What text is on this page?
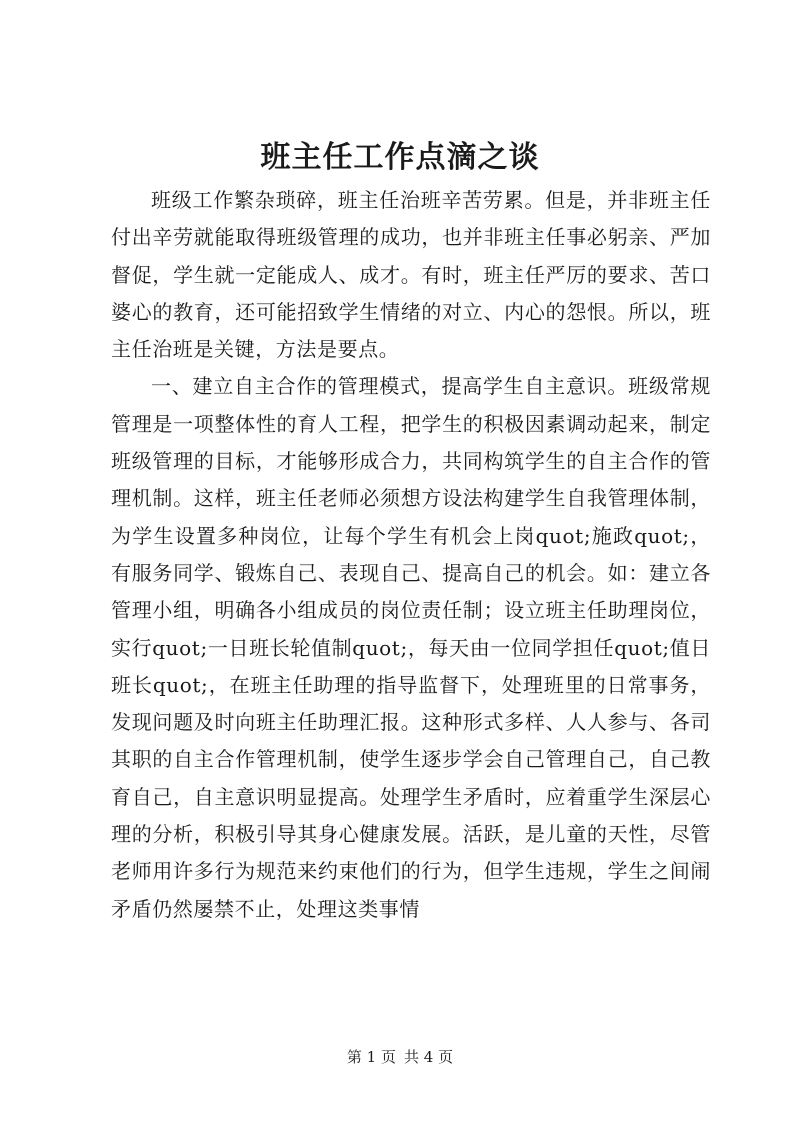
班主任工作点滴之谈

班级工作繁杂琐碎，班主任治班辛苦劳累。但是，并非班主任付出辛劳就能取得班级管理的成功，也并非班主任事必躬亲、严加督促，学生就一定能成人、成才。有时，班主任严厉的要求、苦口婆心的教育，还可能招致学生情绪的对立、内心的怨恨。所以，班主任治班是关键，方法是要点。

一、建立自主合作的管理模式，提高学生自主意识。班级常规管理是一项整体性的育人工程，把学生的积极因素调动起来，制定班级管理的目标，才能够形成合力，共同构筑学生的自主合作的管理机制。这样，班主任老师必须想方设法构建学生自我管理体制，为学生设置多种岗位，让每个学生有机会上岗quot;施政quot;，有服务同学、锻炼自己、表现自己、提高自己的机会。如：建立各管理小组，明确各小组成员的岗位责任制；设立班主任助理岗位，实行quot;一日班长轮值制quot;，每天由一位同学担任quot;值日班长quot;，在班主任助理的指导监督下，处理班里的日常事务，发现问题及时向班主任助理汇报。这种形式多样、人人参与、各司其职的自主合作管理机制，使学生逐步学会自己管理自己，自己教育自己，自主意识明显提高。处理学生矛盾时，应着重学生深层心理的分析，积极引导其身心健康发展。活跃，是儿童的天性，尽管老师用许多行为规范来约束他们的行为，但学生违规，学生之间闹矛盾仍然屡禁不止，处理这类事情

第 1 页 共 4 页
